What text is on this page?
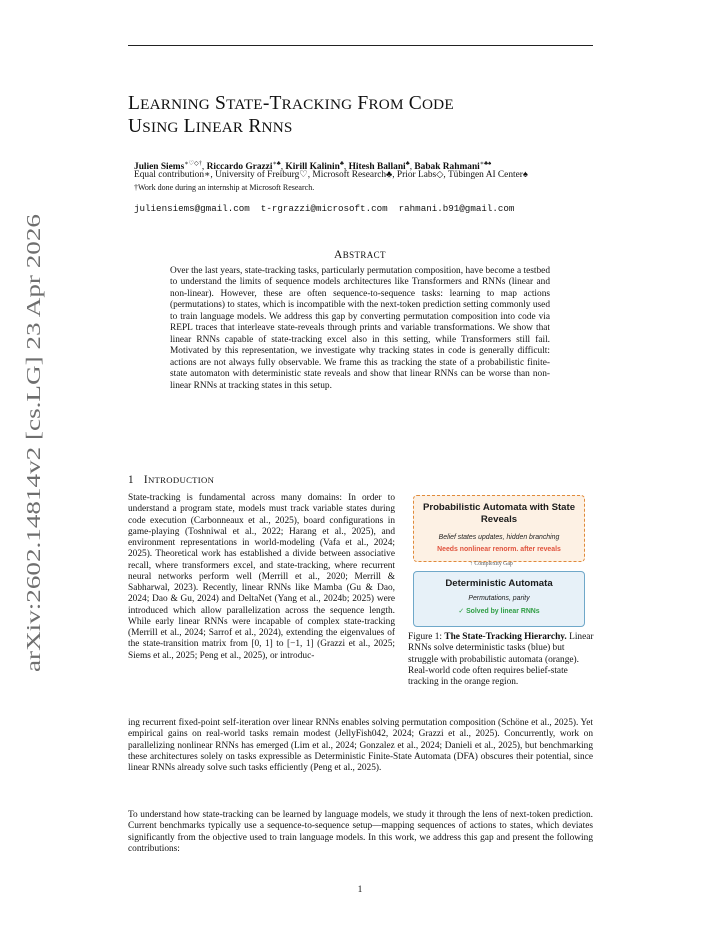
arXiv:2602.14814v2 [cs.LG] 23 Apr 2026
LEARNING STATE-TRACKING FROM CODE
USING LINEAR RNNS
Julien Siems∗♡◇†, Riccardo Grazzi∗♣, Kirill Kalinin♣, Hitesh Ballani♣, Babak Rahmani∗♣♠
Equal contribution∗, University of Freiburg♡, Microsoft Research♣, Prior Labs◇, Tübingen AI Center♠
†Work done during an internship at Microsoft Research.
juliensiems@gmail.com  t-rgrazzi@microsoft.com  rahmani.b91@gmail.com
ABSTRACT
Over the last years, state-tracking tasks, particularly permutation composition, have become a testbed to understand the limits of sequence models architectures like Transformers and RNNs (linear and non-linear). However, these are often sequence-to-sequence tasks: learning to map actions (permutations) to states, which is incompatible with the next-token prediction setting commonly used to train language models. We address this gap by converting permutation composition into code via REPL traces that interleave state-reveals through prints and variable transformations. We show that linear RNNs capable of state-tracking excel also in this setting, while Transformers still fail. Motivated by this representation, we investigate why tracking states in code is generally difficult: actions are not always fully observable. We frame this as tracking the state of a probabilistic finite-state automaton with deterministic state reveals and show that linear RNNs can be worse than non-linear RNNs at tracking states in this setup.
1 INTRODUCTION
State-tracking is fundamental across many domains: In order to understand a program state, models must track variable states during code execution (Carbonneaux et al., 2025), board configurations in game-playing (Toshniwal et al., 2022; Harang et al., 2025), and environment representations in world-modeling (Vafa et al., 2024; 2025). Theoretical work has established a divide between associative recall, where transformers excel, and state-tracking, where recurrent neural networks perform well (Merrill et al., 2020; Merrill & Sabharwal, 2023). Recently, linear RNNs like Mamba (Gu & Dao, 2024; Dao & Gu, 2024) and DeltaNet (Yang et al., 2024b; 2025) were introduced which allow parallelization across the sequence length. While early linear RNNs were incapable of complex state-tracking (Merrill et al., 2024; Sarrof et al., 2024), extending the eigenvalues of the state-transition matrix from [0, 1] to [−1, 1] (Grazzi et al., 2025; Siems et al., 2025; Peng et al., 2025), or introduc-
ing recurrent fixed-point self-iteration over linear RNNs enables solving permutation composition (Schöne et al., 2025). Yet empirical gains on real-world tasks remain modest (JellyFish042, 2024; Grazzi et al., 2025). Concurrently, work on parallelizing nonlinear RNNs has emerged (Lim et al., 2024; Gonzalez et al., 2024; Danieli et al., 2025), but benchmarking these architectures solely on tasks expressible as Deterministic Finite-State Automata (DFA) obscures their potential, since linear RNNs already solve such tasks efficiently (Peng et al., 2025).
To understand how state-tracking can be learned by language models, we study it through the lens of next-token prediction. Current benchmarks typically use a sequence-to-sequence setup—mapping sequences of actions to states, which deviates significantly from the objective used to train language models. In this work, we address this gap and present the following contributions:
Probabilistic Automata with State Reveals
Belief states updates, hidden branching
Needs nonlinear renorm. after reveals
↑ Complexity Gap
Deterministic Automata
Permutations, parity
✓ Solved by linear RNNs
Figure 1: The State-Tracking Hierarchy. Linear RNNs solve deterministic tasks (blue) but struggle with probabilistic automata (orange). Real-world code often requires belief-state tracking in the orange region.
1
